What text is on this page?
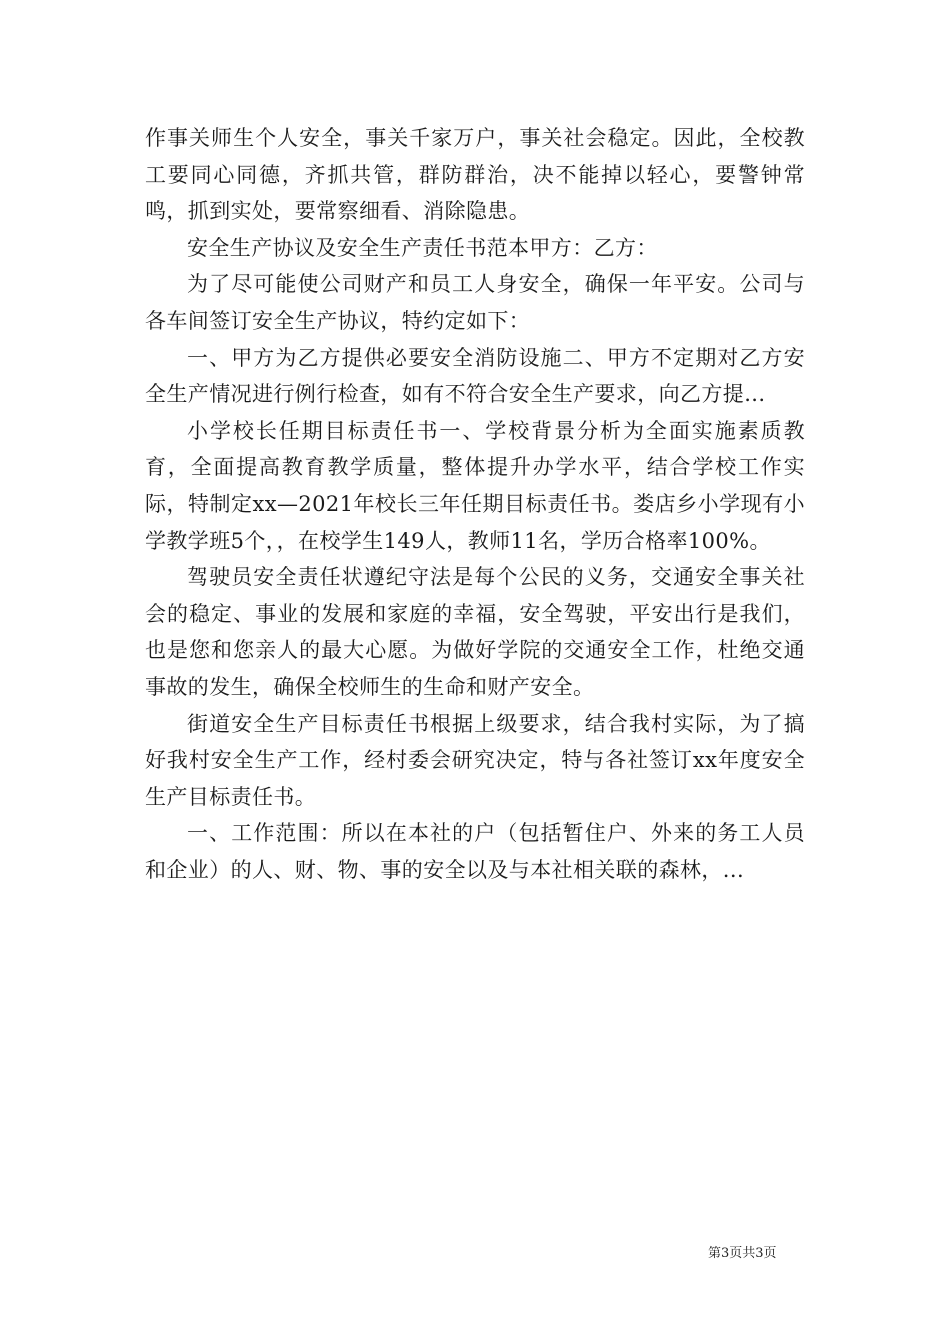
作事关师生个人安全，事关千家万户，事关社会稳定。因此，全校教工要同心同德，齐抓共管，群防群治，决不能掉以轻心，要警钟常鸣，抓到实处，要常察细看、消除隐患。

安全生产协议及安全生产责任书范本甲方：乙方：

为了尽可能使公司财产和员工人身安全，确保一年平安。公司与各车间签订安全生产协议，特约定如下：

一、甲方为乙方提供必要安全消防设施二、甲方不定期对乙方安全生产情况进行例行检查，如有不符合安全生产要求，向乙方提...

小学校长任期目标责任书一、学校背景分析为全面实施素质教育，全面提高教育教学质量，整体提升办学水平，结合学校工作实际，特制定xx—2021年校长三年任期目标责任书。娄店乡小学现有小学教学班5个，，在校学生149人，教师11名，学历合格率100%。

驾驶员安全责任状遵纪守法是每个公民的义务，交通安全事关社会的稳定、事业的发展和家庭的幸福，安全驾驶，平安出行是我们，也是您和您亲人的最大心愿。为做好学院的交通安全工作，杜绝交通事故的发生，确保全校师生的生命和财产安全。

街道安全生产目标责任书根据上级要求，结合我村实际，为了搞好我村安全生产工作，经村委会研究决定，特与各社签订xx年度安全生产目标责任书。

一、工作范围：所以在本社的户（包括暂住户、外来的务工人员和企业）的人、财、物、事的安全以及与本社相关联的森林，...

第3页共3页
